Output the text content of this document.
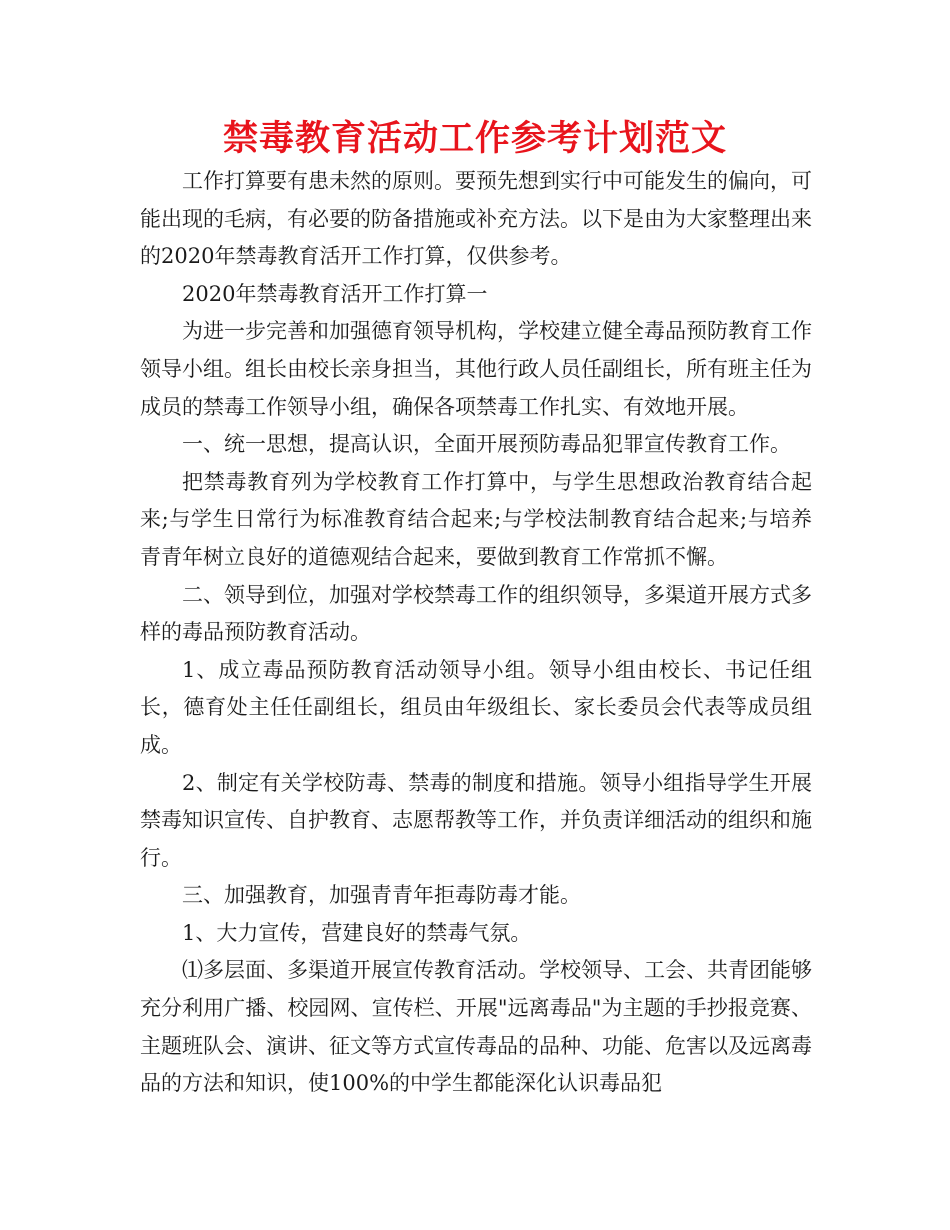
禁毒教育活动工作参考计划范文

工作打算要有患未然的原则。要预先想到实行中可能发生的偏向，可能出现的毛病，有必要的防备措施或补充方法。以下是由为大家整理出来的2020年禁毒教育活开工作打算，仅供参考。

2020年禁毒教育活开工作打算一

为进一步完善和加强德育领导机构，学校建立健全毒品预防教育工作领导小组。组长由校长亲身担当，其他行政人员任副组长，所有班主任为成员的禁毒工作领导小组，确保各项禁毒工作扎实、有效地开展。

一、统一思想，提高认识，全面开展预防毒品犯罪宣传教育工作。

把禁毒教育列为学校教育工作打算中，与学生思想政治教育结合起来;与学生日常行为标准教育结合起来;与学校法制教育结合起来;与培养青青年树立良好的道德观结合起来，要做到教育工作常抓不懈。

二、领导到位，加强对学校禁毒工作的组织领导，多渠道开展方式多样的毒品预防教育活动。

1、成立毒品预防教育活动领导小组。领导小组由校长、书记任组长，德育处主任任副组长，组员由年级组长、家长委员会代表等成员组成。

2、制定有关学校防毒、禁毒的制度和措施。领导小组指导学生开展禁毒知识宣传、自护教育、志愿帮教等工作，并负责详细活动的组织和施行。

三、加强教育，加强青青年拒毒防毒才能。

1、大力宣传，营建良好的禁毒气氛。

⑴多层面、多渠道开展宣传教育活动。学校领导、工会、共青团能够充分利用广播、校园网、宣传栏、开展"远离毒品"为主题的手抄报竞赛、主题班队会、演讲、征文等方式宣传毒品的品种、功能、危害以及远离毒品的方法和知识，使100%的中学生都能深化认识毒品犯
